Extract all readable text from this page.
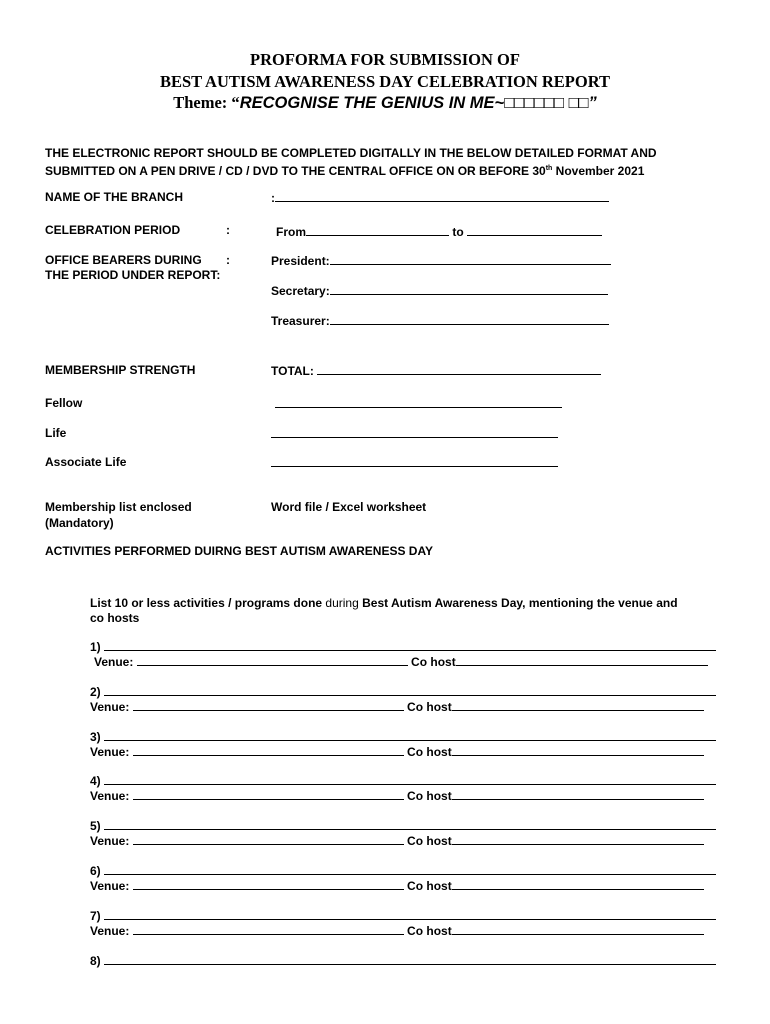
PROFORMA FOR SUBMISSION OF
BEST AUTISM AWARENESS DAY CELEBRATION REPORT
Theme: “RECOGNISE THE GENIUS IN ME~□□□□□□ □□”
THE ELECTRONIC REPORT SHOULD BE COMPLETED DIGITALLY IN THE BELOW DETAILED FORMAT AND
SUBMITTED ON A PEN DRIVE / CD / DVD TO THE CENTRAL OFFICE ON OR BEFORE 30th November 2021
NAME OF THE BRANCH	:
CELEBRATION PERIOD	:	From	to
OFFICE BEARERS DURING :
THE PERIOD UNDER REPORT:
President:
Secretary:
Treasurer:
MEMBERSHIP STRENGTH	TOTAL:
Fellow
Life
Associate Life
Membership list enclosed
(Mandatory)
Word file / Excel worksheet
ACTIVITIES PERFORMED DUIRNG BEST AUTISM AWARENESS DAY
List 10 or less activities / programs done during Best Autism Awareness Day, mentioning the venue and
co hosts
1)
Venue:	Co host
2)
Venue:	Co host
3)
Venue:	Co host
4)
Venue:	Co host
5)
Venue:	Co host
6)
Venue:	Co host
7)
Venue:	Co host
8)
